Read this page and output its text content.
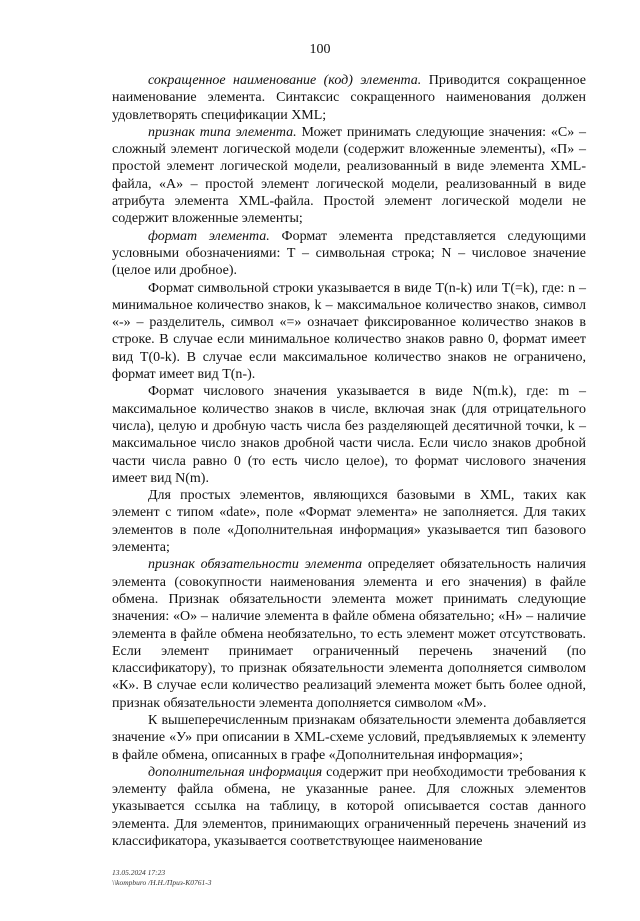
100

сокращенное наименование (код) элемента. Приводится сокращенное наименование элемента. Синтаксис сокращенного наименования должен удовлетворять спецификации XML;

признак типа элемента. Может принимать следующие значения: «С» – сложный элемент логической модели (содержит вложенные элементы), «П» – простой элемент логической модели, реализованный в виде элемента XML-файла, «А» – простой элемент логической модели, реализованный в виде атрибута элемента XML-файла. Простой элемент логической модели не содержит вложенные элементы;

формат элемента. Формат элемента представляется следующими условными обозначениями: Т – символьная строка; N – числовое значение (целое или дробное).

Формат символьной строки указывается в виде T(n-k) или T(=k), где: n – минимальное количество знаков, k – максимальное количество знаков, символ «-» – разделитель, символ «=» означает фиксированное количество знаков в строке. В случае если минимальное количество знаков равно 0, формат имеет вид T(0-k). В случае если максимальное количество знаков не ограничено, формат имеет вид T(n-).

Формат числового значения указывается в виде N(m.k), где: m – максимальное количество знаков в числе, включая знак (для отрицательного числа), целую и дробную часть числа без разделяющей десятичной точки, k – максимальное число знаков дробной части числа. Если число знаков дробной части числа равно 0 (то есть число целое), то формат числового значения имеет вид N(m).

Для простых элементов, являющихся базовыми в XML, таких как элемент с типом «date», поле «Формат элемента» не заполняется. Для таких элементов в поле «Дополнительная информация» указывается тип базового элемента;

признак обязательности элемента определяет обязательность наличия элемента (совокупности наименования элемента и его значения) в файле обмена. Признак обязательности элемента может принимать следующие значения: «О» – наличие элемента в файле обмена обязательно; «Н» – наличие элемента в файле обмена необязательно, то есть элемент может отсутствовать. Если элемент принимает ограниченный перечень значений (по классификатору), то признак обязательности элемента дополняется символом «К». В случае если количество реализаций элемента может быть более одной, признак обязательности элемента дополняется символом «М».

К вышеперечисленным признакам обязательности элемента добавляется значение «У» при описании в XML-схеме условий, предъявляемых к элементу в файле обмена, описанных в графе «Дополнительная информация»;

дополнительная информация содержит при необходимости требования к элементу файла обмена, не указанные ранее. Для сложных элементов указывается ссылка на таблицу, в которой описывается состав данного элемента. Для элементов, принимающих ограниченный перечень значений из классификатора, указывается соответствующее наименование

13.05.2024 17:23
\\kompburo /Н.Н./Приз-К0761-3
